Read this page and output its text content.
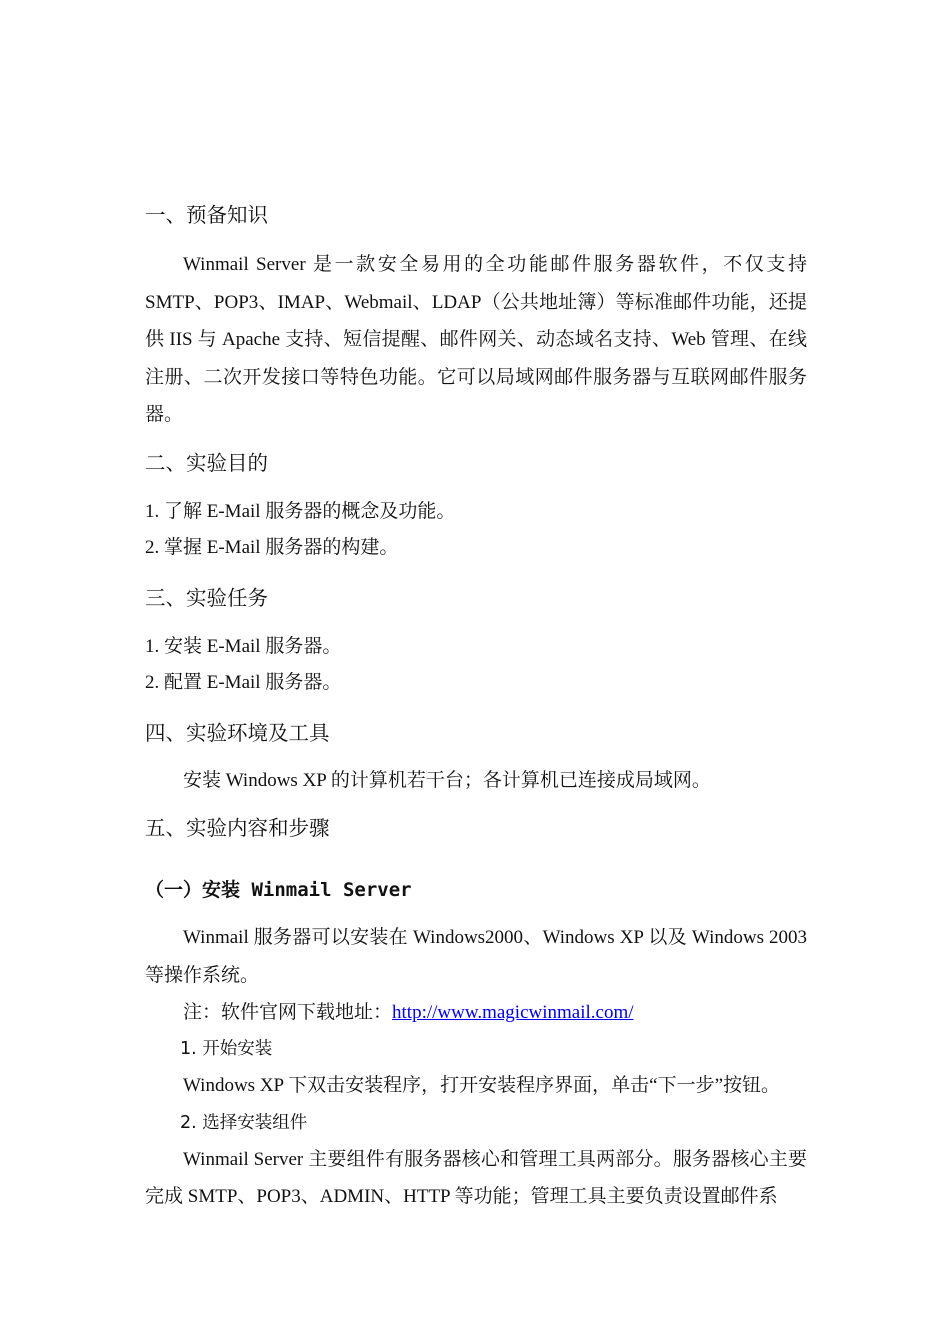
一、预备知识

Winmail Server 是一款安全易用的全功能邮件服务器软件，不仅支持 SMTP、POP3、IMAP、Webmail、LDAP（公共地址簿）等标准邮件功能，还提供 IIS 与 Apache 支持、短信提醒、邮件网关、动态域名支持、Web 管理、在线注册、二次开发接口等特色功能。它可以局域网邮件服务器与互联网邮件服务器。

二、实验目的

1. 了解 E-Mail 服务器的概念及功能。

2. 掌握 E-Mail 服务器的构建。

三、实验任务

1. 安装 E-Mail 服务器。

2. 配置 E-Mail 服务器。

四、实验环境及工具

安装 Windows XP 的计算机若干台；各计算机已连接成局域网。

五、实验内容和步骤
（一）安装 Winmail Server

Winmail 服务器可以安装在 Windows2000、Windows XP 以及 Windows 2003 等操作系统。

注：软件官网下载地址：http://www.magicwinmail.com/

1. 开始安装

Windows XP 下双击安装程序，打开安装程序界面，单击“下一步”按钮。

2. 选择安装组件

Winmail Server 主要组件有服务器核心和管理工具两部分。服务器核心主要完成 SMTP、POP3、ADMIN、HTTP 等功能；管理工具主要负责设置邮件系
